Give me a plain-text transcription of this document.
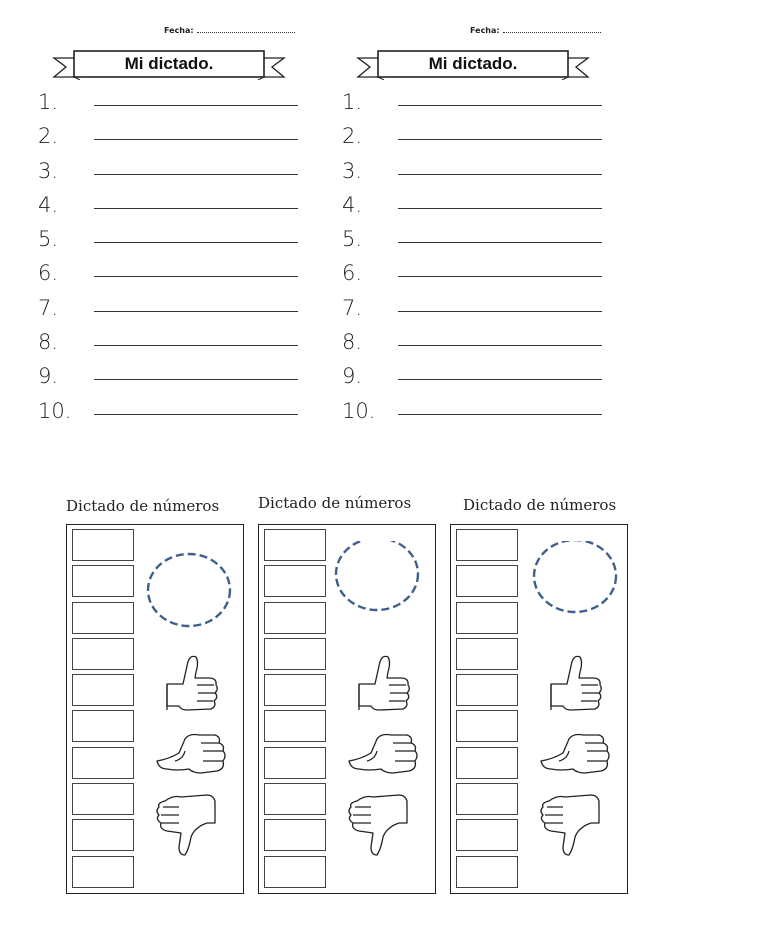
Fecha:
Mi dictado.
1.
2.
3.
4.
5.
6.
7.
8.
9.
10.
Fecha:
Mi dictado.
1.
2.
3.
4.
5.
6.
7.
8.
9.
10.
Dictado de números	Dictado de números	Dictado de números
